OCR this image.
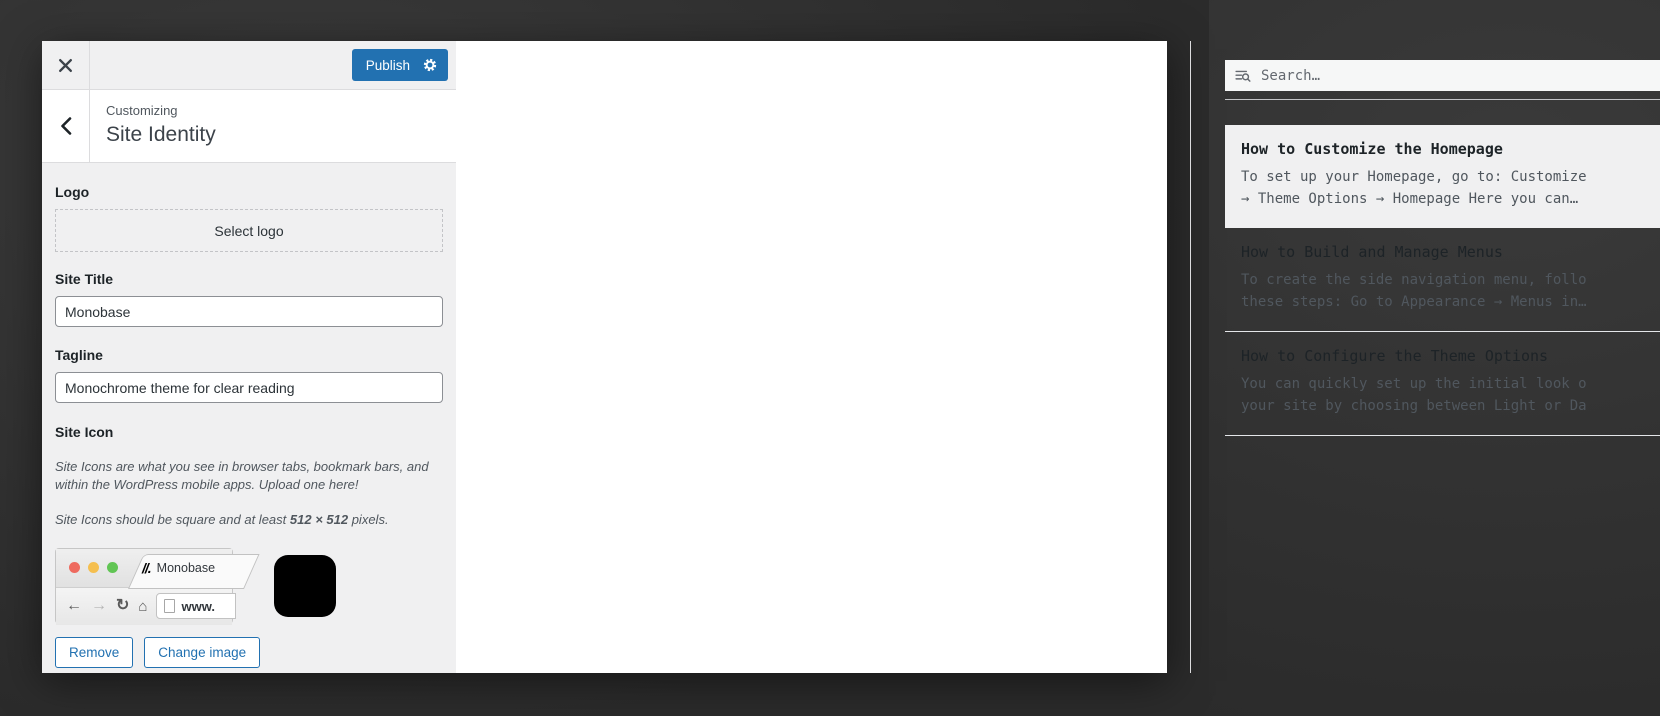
Publish
Customizing
Site Identity
Logo
Select logo
Site Title
Monobase
Tagline
Monochrome theme for clear reading
Site Icon

Site Icons are what you see in browser tabs, bookmark bars, and within the WordPress mobile apps. Upload one here!

Site Icons should be square and at least 512 × 512 pixels.

//. Monobase
← → ↻ ⌂	www.
Remove	Change image
Search…
How to Customize the Homepage
To set up your Homepage, go to: Customize
→ Theme Options → Homepage Here you can…
How to Build and Manage Menus
To create the side navigation menu, follo
these steps: Go to Appearance → Menus in…
How to Configure the Theme Options
You can quickly set up the initial look o
your site by choosing between Light or Da
